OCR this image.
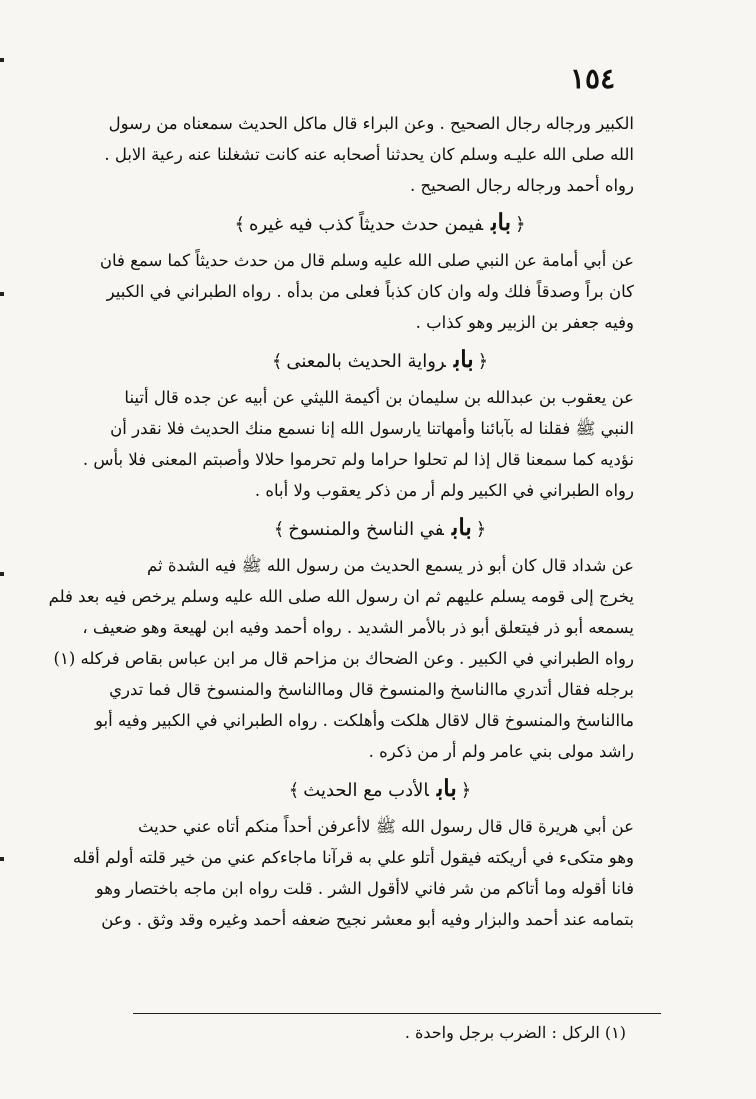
١٥٤
الكبير ورجاله رجال الصحيح . وعن البراء قال ماكل الحديث سمعناه من رسول
الله صلى الله عليـه وسلم كان يحدثنا أصحابه عنه كانت تشغلنا عنه رعية الابل .
رواه أحمد ورجاله رجال الصحيح .
﴿بابفيمن حدث حديثاً كذب فيه غيره﴾
عن أبي أمامة عن النبي صلى الله عليه وسلم قال من حدث حديثاً كما سمع فان
كان براً وصدقاً فلك وله وان كان كذباً فعلى من بدأه . رواه الطبراني في الكبير
وفيه جعفر بن الزبير وهو كذاب .
﴿بابرواية الحديث بالمعنى﴾
عن يعقوب بن عبدالله بن سليمان بن أكيمة الليثي عن أبيه عن جده قال أتينا
النبي ﷺ فقلنا له بآبائنا وأمهاتنا يارسول الله إنا نسمع منك الحديث فلا نقدر أن
نؤديه كما سمعنا قال إذا لم تحلوا حراما ولم تحرموا حلالا وأصبتم المعنى فلا بأس .
رواه الطبراني في الكبير ولم أر من ذكر يعقوب ولا أباه .
﴿بابفي الناسخ والمنسوخ﴾
عن شداد قال كان أبو ذر يسمع الحديث من رسول الله ﷺ فيه الشدة ثم
يخرج إلى قومه يسلم عليهم ثم ان رسول الله صلى الله عليه وسلم يرخص فيه بعد فلم
يسمعه أبو ذر فيتعلق أبو ذر بالأمر الشديد . رواه أحمد وفيه ابن لهيعة وهو ضعيف ،
رواه الطبراني في الكبير . وعن الضحاك بن مزاحم قال مر ابن عباس بقاص فركله (١)
برجله فقال أتدري ماالناسخ والمنسوخ قال وماالناسخ والمنسوخ قال فما تدري
ماالناسخ والمنسوخ قال لاقال هلكت وأهلكت . رواه الطبراني في الكبير وفيه أبو
راشد مولى بني عامر ولم أر من ذكره .
﴿بابالأدب مع الحديث﴾
عن أبي هريرة قال قال رسول الله ﷺ لاأعرفن أحداً منكم أتاه عني حديث
وهو متكىء في أريكته فيقول أتلو علي به قرآنا ماجاءكم عني من خير قلته أولم أقله
فانا أقوله وما أتاكم من شر فاني لاأقول الشر . قلت رواه ابن ماجه باختصار وهو
بتمامه عند أحمد والبزار وفيه أبو معشر نجيح ضعفه أحمد وغيره وقد وثق . وعن
(١) الركل : الضرب برجل واحدة .
